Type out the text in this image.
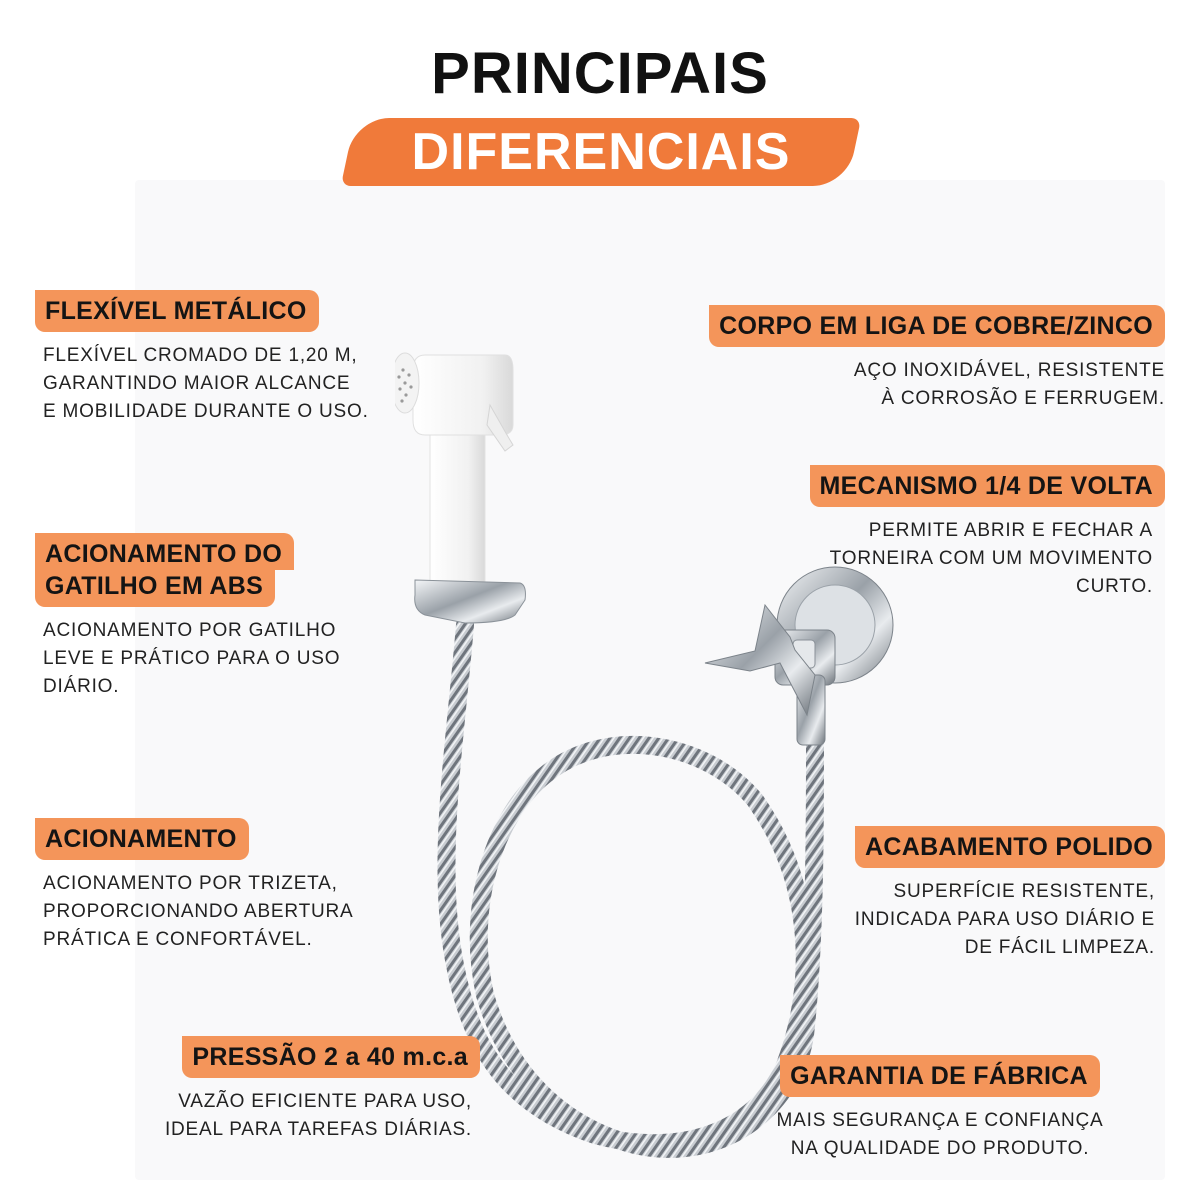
PRINCIPAIS
DIFERENCIAIS
FLEXÍVEL METÁLICO
FLEXÍVEL CROMADO DE 1,20 M,
GARANTINDO MAIOR ALCANCE
E MOBILIDADE DURANTE O USO.
ACIONAMENTO DO
GATILHO EM ABS
ACIONAMENTO POR GATILHO
LEVE E PRÁTICO PARA O USO
DIÁRIO.
ACIONAMENTO
ACIONAMENTO POR TRIZETA,
PROPORCIONANDO ABERTURA
PRÁTICA E CONFORTÁVEL.
PRESSÃO 2 a 40 m.c.a
VAZÃO EFICIENTE PARA USO,
IDEAL PARA TAREFAS DIÁRIAS.
CORPO EM LIGA DE COBRE/ZINCO
AÇO INOXIDÁVEL, RESISTENTE
À CORROSÃO E FERRUGEM.
MECANISMO 1/4 DE VOLTA
PERMITE ABRIR E FECHAR A
TORNEIRA COM UM MOVIMENTO
CURTO.
ACABAMENTO POLIDO
SUPERFÍCIE RESISTENTE,
INDICADA PARA USO DIÁRIO E
DE FÁCIL LIMPEZA.
GARANTIA DE FÁBRICA
MAIS SEGURANÇA E CONFIANÇA
NA QUALIDADE DO PRODUTO.
